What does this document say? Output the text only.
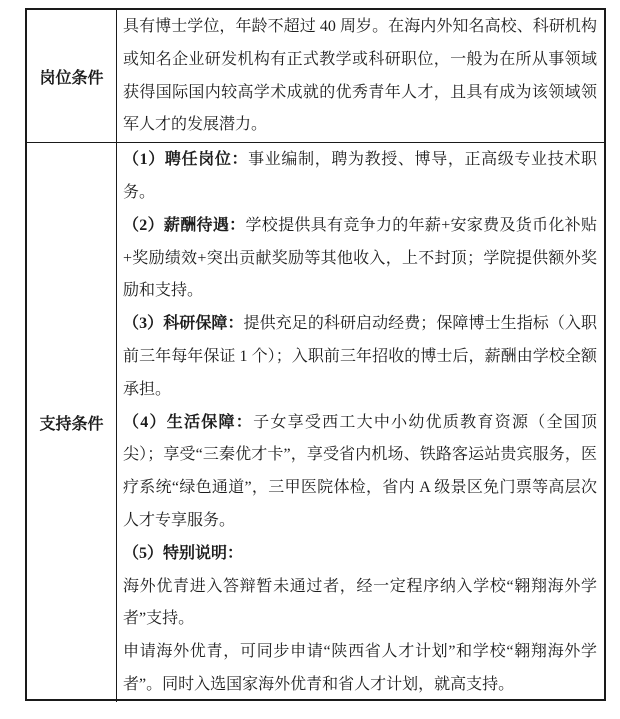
岗位条件

具有博士学位，年龄不超过 40 周岁。在海内外知名高校、科研机构或知名企业研发机构有正式教学或科研职位，一般为在所从事领域获得国际国内较高学术成就的优秀青年人才，且具有成为该领域领军人才的发展潜力。

支持条件

（1）聘任岗位：事业编制，聘为教授、博导，正高级专业技术职务。

（2）薪酬待遇：学校提供具有竞争力的年薪+安家费及货币化补贴+奖励绩效+突出贡献奖励等其他收入，上不封顶；学院提供额外奖励和支持。

（3）科研保障：提供充足的科研启动经费；保障博士生指标（入职前三年每年保证 1 个）；入职前三年招收的博士后，薪酬由学校全额承担。

（4）生活保障：子女享受西工大中小幼优质教育资源（全国顶尖）；享受“三秦优才卡”，享受省内机场、铁路客运站贵宾服务，医疗系统“绿色通道”，三甲医院体检，省内 A 级景区免门票等高层次人才专享服务。

（5）特别说明：

海外优青进入答辩暂未通过者，经一定程序纳入学校“翱翔海外学者”支持。

申请海外优青，可同步申请“陕西省人才计划”和学校“翱翔海外学者”。同时入选国家海外优青和省人才计划，就高支持。
